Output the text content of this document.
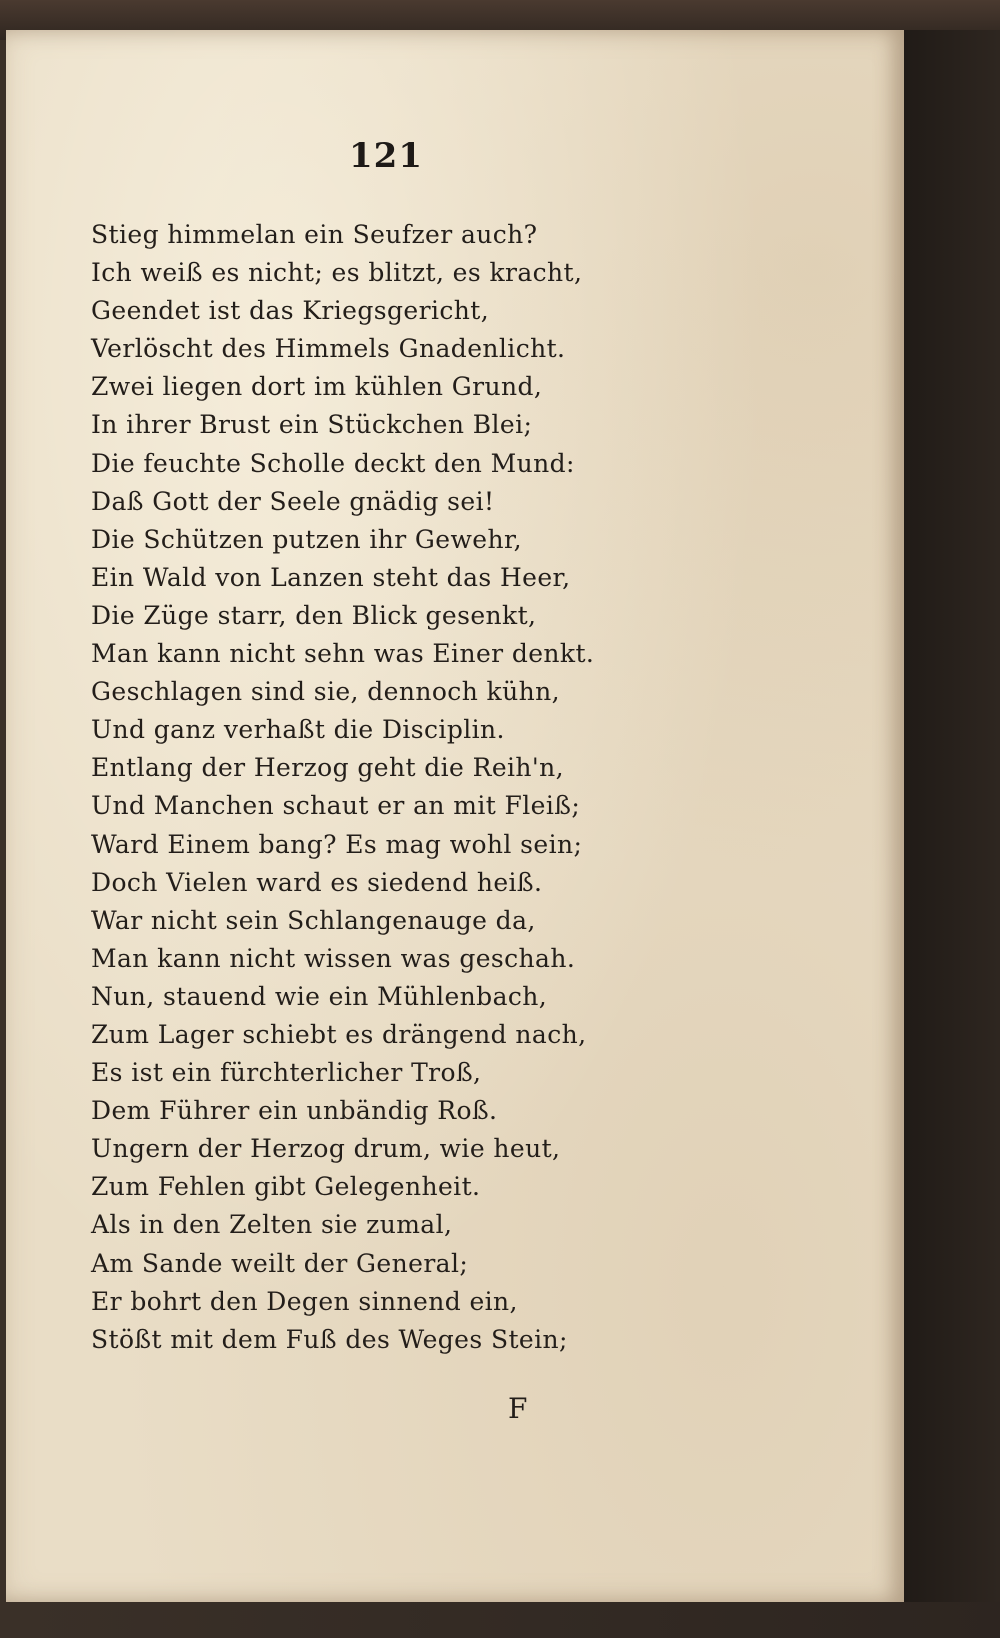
121
Stieg himmelan ein Seufzer auch?
Ich weiß es nicht; es blitzt, es kracht,
Geendet ist das Kriegsgericht,
Verlöscht des Himmels Gnadenlicht.
Zwei liegen dort im kühlen Grund,
In ihrer Brust ein Stückchen Blei;
Die feuchte Scholle deckt den Mund:
Daß Gott der Seele gnädig sei!
Die Schützen putzen ihr Gewehr,
Ein Wald von Lanzen steht das Heer,
Die Züge starr, den Blick gesenkt,
Man kann nicht sehn was Einer denkt.
Geschlagen sind sie, dennoch kühn,
Und ganz verhaßt die Disciplin.
Entlang der Herzog geht die Reih'n,
Und Manchen schaut er an mit Fleiß;
Ward Einem bang? Es mag wohl sein;
Doch Vielen ward es siedend heiß.
War nicht sein Schlangenauge da,
Man kann nicht wissen was geschah.
Nun, stauend wie ein Mühlenbach,
Zum Lager schiebt es drängend nach,
Es ist ein fürchterlicher Troß,
Dem Führer ein unbändig Roß.
Ungern der Herzog drum, wie heut,
Zum Fehlen gibt Gelegenheit.
Als in den Zelten sie zumal,
Am Sande weilt der General;
Er bohrt den Degen sinnend ein,
Stößt mit dem Fuß des Weges Stein;
F
